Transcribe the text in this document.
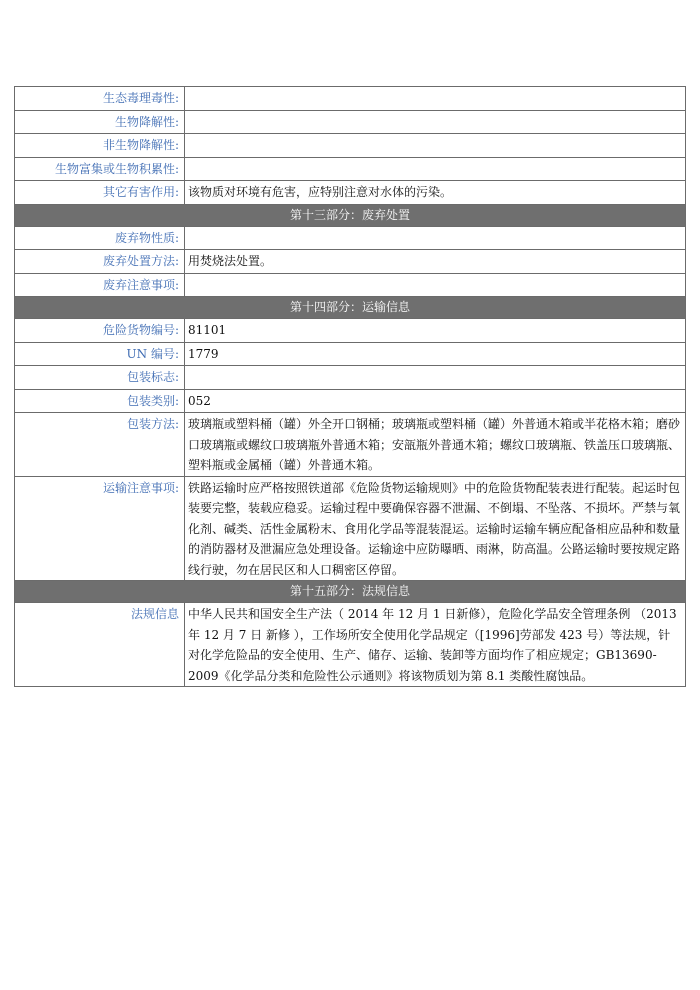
生态毒理毒性:	
生物降解性:	
非生物降解性:	
生物富集或生物积累性:	
其它有害作用:	该物质对环境有危害，应特别注意对水体的污染。
第十三部分：废弃处置	
废弃物性质:	
废弃处置方法:	用焚烧法处置。
废弃注意事项:	
第十四部分：运输信息	
危险货物编号:	81101
UN 编号:	1779
包装标志:	
包装类别:	052
包装方法:	玻璃瓶或塑料桶（罐）外全开口钢桶；玻璃瓶或塑料桶（罐）外普通木箱或半花格木箱；磨砂口玻璃瓶或螺纹口玻璃瓶外普通木箱；安瓿瓶外普通木箱；螺纹口玻璃瓶、铁盖压口玻璃瓶、塑料瓶或金属桶（罐）外普通木箱。
运输注意事项:	铁路运输时应严格按照铁道部《危险货物运输规则》中的危险货物配装表进行配装。起运时包装要完整，装载应稳妥。运输过程中要确保容器不泄漏、不倒塌、不坠落、不损坏。严禁与氧化剂、碱类、活性金属粉末、食用化学品等混装混运。运输时运输车辆应配备相应品种和数量的消防器材及泄漏应急处理设备。运输途中应防曝晒、雨淋，防高温。公路运输时要按规定路线行驶，勿在居民区和人口稠密区停留。
第十五部分：法规信息	
法规信息	中华人民共和国安全生产法（ 2014 年 12 月 1 日新修），危险化学品安全管理条例 （2013 年 12 月 7 日 新修 ），工作场所安全使用化学品规定（[1996]劳部发 423 号）等法规，针对化学危险品的安全使用、生产、储存、运输、装卸等方面均作了相应规定；GB13690-2009《化学品分类和危险性公示通则》将该物质划为第 8.1 类酸性腐蚀品。
